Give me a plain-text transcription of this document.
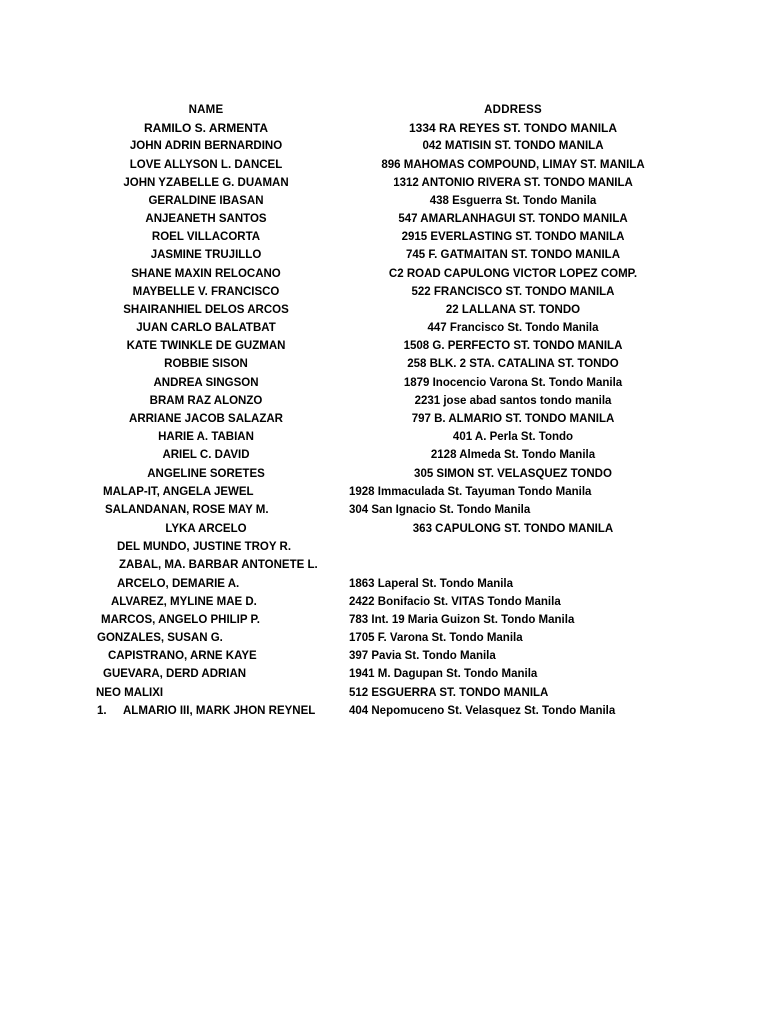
NAME	ADDRESS
RAMILO S. ARMENTA	1334 RA REYES ST. TONDO MANILA
JOHN ADRIN BERNARDINO	042 MATISIN ST. TONDO MANILA
LOVE ALLYSON L. DANCEL	896 MAHOMAS COMPOUND, LIMAY ST. MANILA
JOHN YZABELLE G. DUAMAN	1312 ANTONIO RIVERA ST. TONDO MANILA
GERALDINE IBASAN	438 Esguerra St. Tondo Manila
ANJEANETH SANTOS	547 AMARLANHAGUI ST. TONDO MANILA
ROEL VILLACORTA	2915 EVERLASTING ST. TONDO MANILA
JASMINE TRUJILLO	745 F. GATMAITAN ST. TONDO MANILA
SHANE MAXIN RELOCANO	C2 ROAD CAPULONG VICTOR LOPEZ COMP.
MAYBELLE V. FRANCISCO	522 FRANCISCO ST. TONDO MANILA
SHAIRANHIEL DELOS ARCOS	22 LALLANA ST. TONDO
JUAN CARLO BALATBAT	447 Francisco St. Tondo Manila
KATE TWINKLE DE GUZMAN	1508 G. PERFECTO ST. TONDO MANILA
ROBBIE SISON	258 BLK. 2 STA. CATALINA ST. TONDO
ANDREA SINGSON	1879 Inocencio Varona St. Tondo Manila
BRAM RAZ ALONZO	2231 jose abad santos tondo manila
ARRIANE JACOB SALAZAR	797 B. ALMARIO ST. TONDO MANILA
HARIE A. TABIAN	401 A. Perla St. Tondo
ARIEL C. DAVID	2128 Almeda St. Tondo Manila
ANGELINE SORETES	305 SIMON ST. VELASQUEZ TONDO
MALAP-IT, ANGELA JEWEL	1928 Immaculada St. Tayuman Tondo Manila
SALANDANAN, ROSE MAY M.	304 San Ignacio St. Tondo Manila
LYKA ARCELO	363 CAPULONG ST. TONDO MANILA
DEL MUNDO, JUSTINE TROY R.
ZABAL, MA. BARBAR ANTONETE L.
ARCELO, DEMARIE A.	1863 Laperal St. Tondo Manila
ALVAREZ, MYLINE MAE D.	2422 Bonifacio St. VITAS Tondo Manila
MARCOS, ANGELO PHILIP P.	783 Int. 19 Maria Guizon St. Tondo Manila
GONZALES, SUSAN G.	1705 F. Varona St. Tondo Manila
CAPISTRANO, ARNE KAYE	397 Pavia St. Tondo Manila
GUEVARA, DERD ADRIAN	1941 M. Dagupan St. Tondo Manila
NEO MALIXI	512 ESGUERRA ST. TONDO MANILA
1. ALMARIO III, MARK JHON REYNEL	404 Nepomuceno St. Velasquez St. Tondo Manila
